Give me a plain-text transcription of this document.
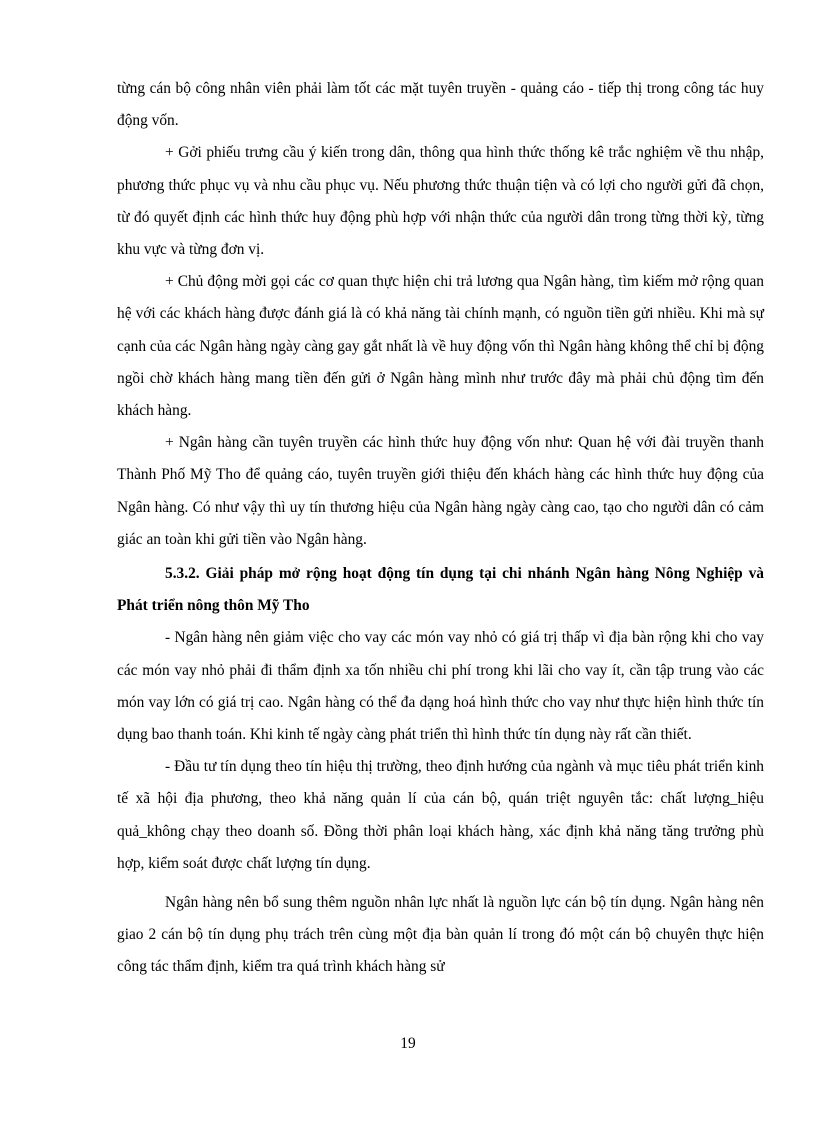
từng cán bộ công nhân viên phải làm tốt các mặt tuyên truyền - quảng cáo - tiếp thị trong công tác huy động vốn.

+ Gởi phiếu trưng cầu ý kiến trong dân, thông qua hình thức thống kê trắc nghiệm về thu nhập, phương thức phục vụ và nhu cầu phục vụ. Nếu phương thức thuận tiện và có lợi cho người gửi đã chọn, từ đó quyết định các hình thức huy động phù hợp với nhận thức của người dân trong từng thời kỳ, từng khu vực và từng đơn vị.

+ Chủ động mời gọi các cơ quan thực hiện chi trả lương qua Ngân hàng, tìm kiếm mở rộng quan hệ với các khách hàng được đánh giá là có khả năng tài chính mạnh, có nguồn tiền gửi nhiều. Khi mà sự cạnh của các Ngân hàng ngày càng gay gắt nhất là về huy động vốn thì Ngân hàng không thể chỉ bị động ngồi chờ khách hàng mang tiền đến gửi ở Ngân hàng mình như trước đây mà phải chủ động tìm đến khách hàng.

+ Ngân hàng cần tuyên truyền các hình thức huy động vốn như: Quan hệ với đài truyền thanh Thành Phố Mỹ Tho để quảng cáo, tuyên truyền giới thiệu đến khách hàng các hình thức huy động của Ngân hàng. Có như vậy thì uy tín thương hiệu của Ngân hàng ngày càng cao, tạo cho người dân có cảm giác an toàn khi gửi tiền vào Ngân hàng.

5.3.2. Giải pháp mở rộng hoạt động tín dụng tại chi nhánh Ngân hàng Nông Nghiệp và Phát triển nông thôn Mỹ Tho

- Ngân hàng nên giảm việc cho vay các món vay nhỏ có giá trị thấp vì địa bàn rộng khi cho vay các món vay nhỏ phải đi thẩm định xa tốn nhiều chi phí trong khi lãi cho vay ít, cần tập trung vào các món vay lớn có giá trị cao. Ngân hàng có thể đa dạng hoá hình thức cho vay như thực hiện hình thức tín dụng bao thanh toán. Khi kinh tế ngày càng phát triển thì hình thức tín dụng này rất cần thiết.

- Đầu tư tín dụng theo tín hiệu thị trường, theo định hướng của ngành và mục tiêu phát triển kinh tế xã hội địa phương, theo khả năng quản lí của cán bộ, quán triệt nguyên tắc: chất lượng_hiệu quả_không chạy theo doanh số. Đồng thời phân loại khách hàng, xác định khả năng tăng trưởng phù hợp, kiểm soát được chất lượng tín dụng.

Ngân hàng nên bổ sung thêm nguồn nhân lực nhất là nguồn lực cán bộ tín dụng. Ngân hàng nên giao 2 cán bộ tín dụng phụ trách trên cùng một địa bàn quản lí trong đó một cán bộ chuyên thực hiện công tác thẩm định, kiểm tra quá trình khách hàng sử

19
